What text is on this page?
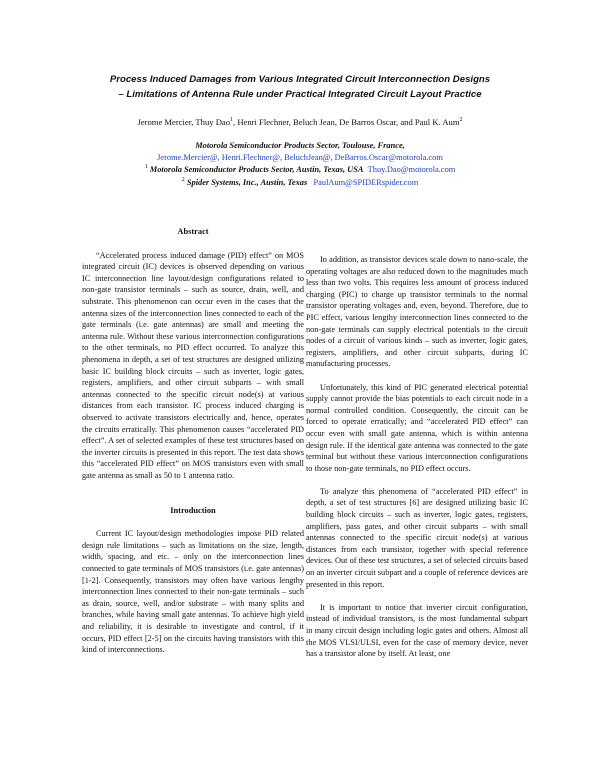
Process Induced Damages from Various Integrated Circuit Interconnection Designs
– Limitations of Antenna Rule under Practical Integrated Circuit Layout Practice
Jerome Mercier, Thuy Dao$^1$, Henri Flechner, Beluch Jean, De Barros Oscar, and Paul K. Aum$^2$
Motorola Semiconductor Products Sector, Toulouse, France,
Jerome.Mercier@, Henri.Flechner@, BeluchJean@, DeBarros.Oscar@motorola.com
$^1$ Motorola Semiconductor Products Sector, Austin, Texas, USA Thuy.Dao@motorola.com
$^2$ Spider Systems, Inc., Austin, Texas PaulAum@SPIDERspider.com
Abstract

“Accelerated process induced damage (PID) effect” on MOS integrated circuit (IC) devices is observed depending on various IC interconnection line layout/design configurations related to non-gate transistor terminals – such as source, drain, well, and substrate. This phenomenon can occur even in the cases that the antenna sizes of the interconnection lines connected to each of the gate terminals (i.e. gate antennas) are small and meeting the antenna rule. Without these various interconnection configurations to the other terminals, no PID effect occurred. To analyze this phenomena in depth, a set of test structures are designed utilizing basic IC building block circuits – such as inverter, logic gates, registers, amplifiers, and other circuit subparts – with small antennas connected to the specific circuit node(s) at various distances from each transistor. IC process induced charging is observed to activate transistors electrically and, hence, operates the circuits erratically. This phenomenon causes “accelerated PID effect”. A set of selected examples of these test structures based on the inverter circuits is presented in this report. The test data shows this “accelerated PID effect” on MOS transistors even with small gate antenna as small as 50 to 1 antenna ratio.

Introduction

Current IC layout/design methodologies impose PID related design rule limitations – such as limitations on the size, length, width, spacing, and etc. – only on the interconnection lines connected to gate terminals of MOS transistors (i.e. gate antennas) [1-2]. Consequently, transistors may often have various lengthy interconnection lines connected to their non-gate terminals – such as drain, source, well, and/or substrate – with many splits and branches, while having small gate antennas. To achieve high yield and reliability, it is desirable to investigate and control, if it occurs, PID effect [2-5] on the circuits having transistors with this kind of interconnections.

In addition, as transistor devices scale down to nano-scale, the operating voltages are also reduced down to the magnitudes much less than two volts. This requires less amount of process induced charging (PIC) to charge up transistor terminals to the normal transistor operating voltages and, even, beyond. Therefore, due to PIC effect, various lengthy interconnection lines connected to the non-gate terminals can supply electrical potentials to the circuit nodes of a circuit of various kinds – such as inverter, logic gates, registers, amplifiers, and other circuit subparts, during IC manufacturing processes.

Unfortunately, this kind of PIC generated electrical potential supply cannot provide the bias potentials to each circuit node in a normal controlled condition. Consequently, the circuit can be forced to operate erratically; and “accelerated PID effect” can occur even with small gate antenna, which is within antenna design rule. If the identical gate antenna was connected to the gate terminal but without these various interconnection configurations to those non-gate terminals, no PID effect occurs.

To analyze this phenomena of “accelerated PID effect” in depth, a set of test structures [6] are designed utilizing basic IC building block circuits – such as inverter, logic gates, registers, amplifiers, pass gates, and other circuit subparts – with small antennas connected to the specific circuit node(s) at various distances from each transistor, together with special reference devices. Out of these test structures, a set of selected circuits based on an inverter circuit subpart and a couple of reference devices are presented in this report.

It is important to notice that inverter circuit configuration, instead of individual transistors, is the most fundamental subpart in many circuit design including logic gates and others. Almost all the MOS VLSI/ULSI, even for the case of memory device, never has a transistor alone by itself. At least, one
